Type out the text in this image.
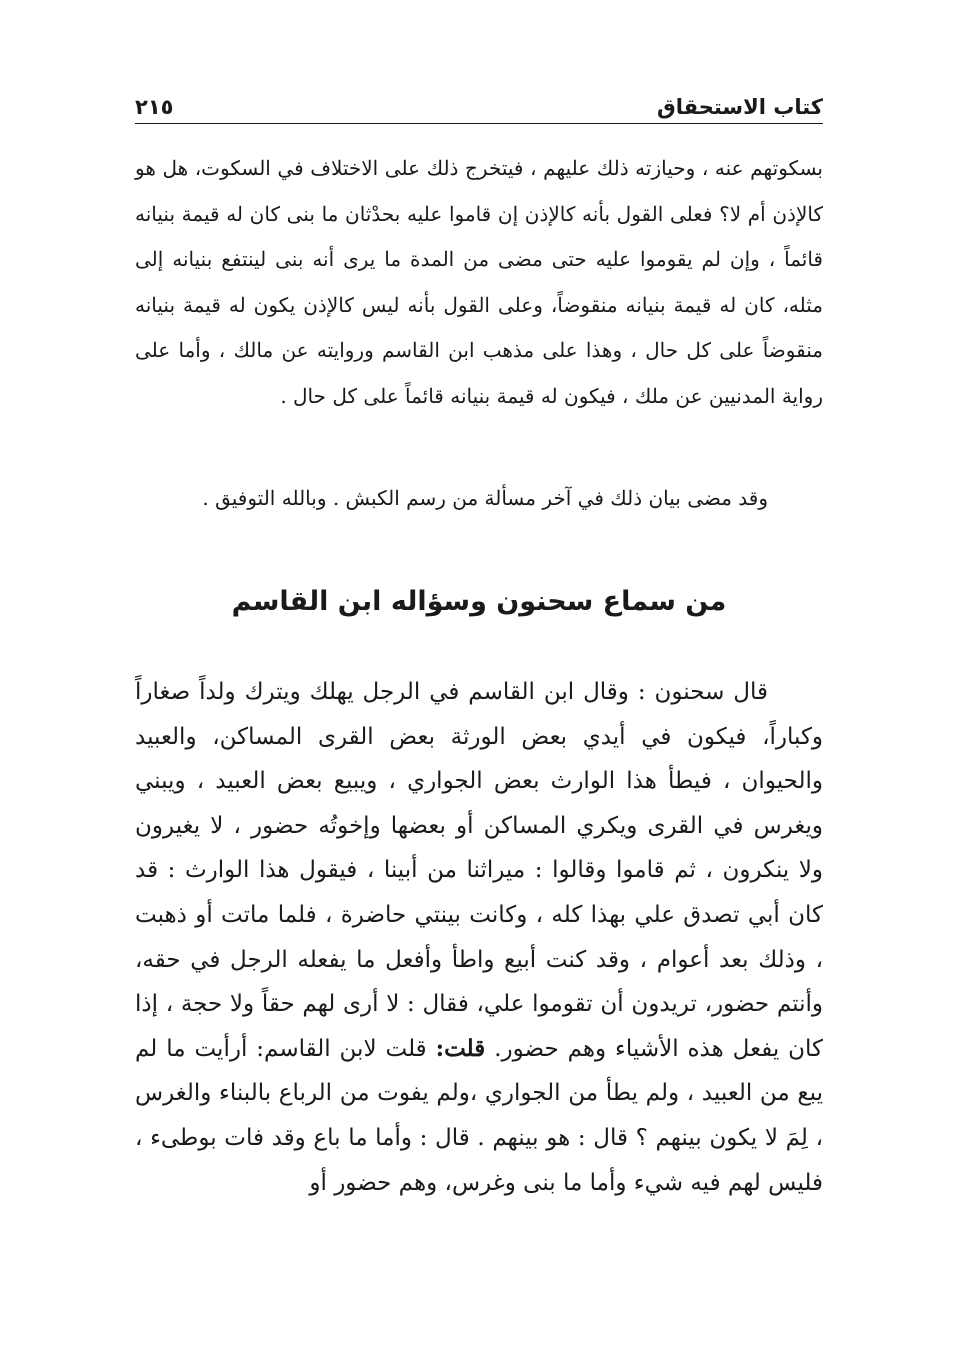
كتاب الاستحقاق
٢١٥

بسكوتهم عنه ، وحيازته ذلك عليهم ، فيتخرج ذلك على الاختلاف في السكوت، هل هو كالإذن أم لا؟ فعلى القول بأنه كالإذن إن قاموا عليه بحدْثان ما بنى كان له قيمة بنيانه قائماً ، وإن لم يقوموا عليه حتى مضى من المدة ما يرى أنه بنى لينتفع بنيانه إلى مثله، كان له قيمة بنيانه منقوضاً، وعلى القول بأنه ليس كالإذن يكون له قيمة بنيانه منقوضاً على كل حال ، وهذا على مذهب ابن القاسم وروايته عن مالك ، وأما على رواية المدنيين عن ملك ، فيكون له قيمة بنيانه قائماً على كل حال .

وقد مضى بيان ذلك في آخر مسألة من رسم الكبش . وبالله التوفيق .
من سماع سحنون وسؤاله ابن القاسم

قال سحنون : وقال ابن القاسم في الرجل يهلك ويترك ولداً صغاراً وكباراً، فيكون في أيدي بعض الورثة بعض القرى المساكن، والعبيد والحيوان ، فيطأ هذا الوارث بعض الجواري ، ويبيع بعض العبيد ، ويبني ويغرس في القرى ويكري المساكن أو بعضها وإخوتُه حضور ، لا يغيرون ولا ينكرون ، ثم قاموا وقالوا : ميراثنا من أبينا ، فيقول هذا الوارث : قد كان أبي تصدق علي بهذا كله ، وكانت بينتي حاضرة ، فلما ماتت أو ذهبت ، وذلك بعد أعوام ، وقد كنت أبيع واطأ وأفعل ما يفعله الرجل في حقه، وأنتم حضور، تريدون أن تقوموا علي، فقال : لا أرى لهم حقاً ولا حجة ، إذا كان يفعل هذه الأشياء وهم حضور. قلت: قلت لابن القاسم: أرأيت ما لم يبع من العبيد ، ولم يطأ من الجواري ،ولم يفوت من الرباع بالبناء والغرس ، لِمَ لا يكون بينهم ؟ قال : هو بينهم . قال : وأما ما باع وقد فات بوطىء ، فليس لهم فيه شيء وأما ما بنى وغرس، وهم حضور أو
